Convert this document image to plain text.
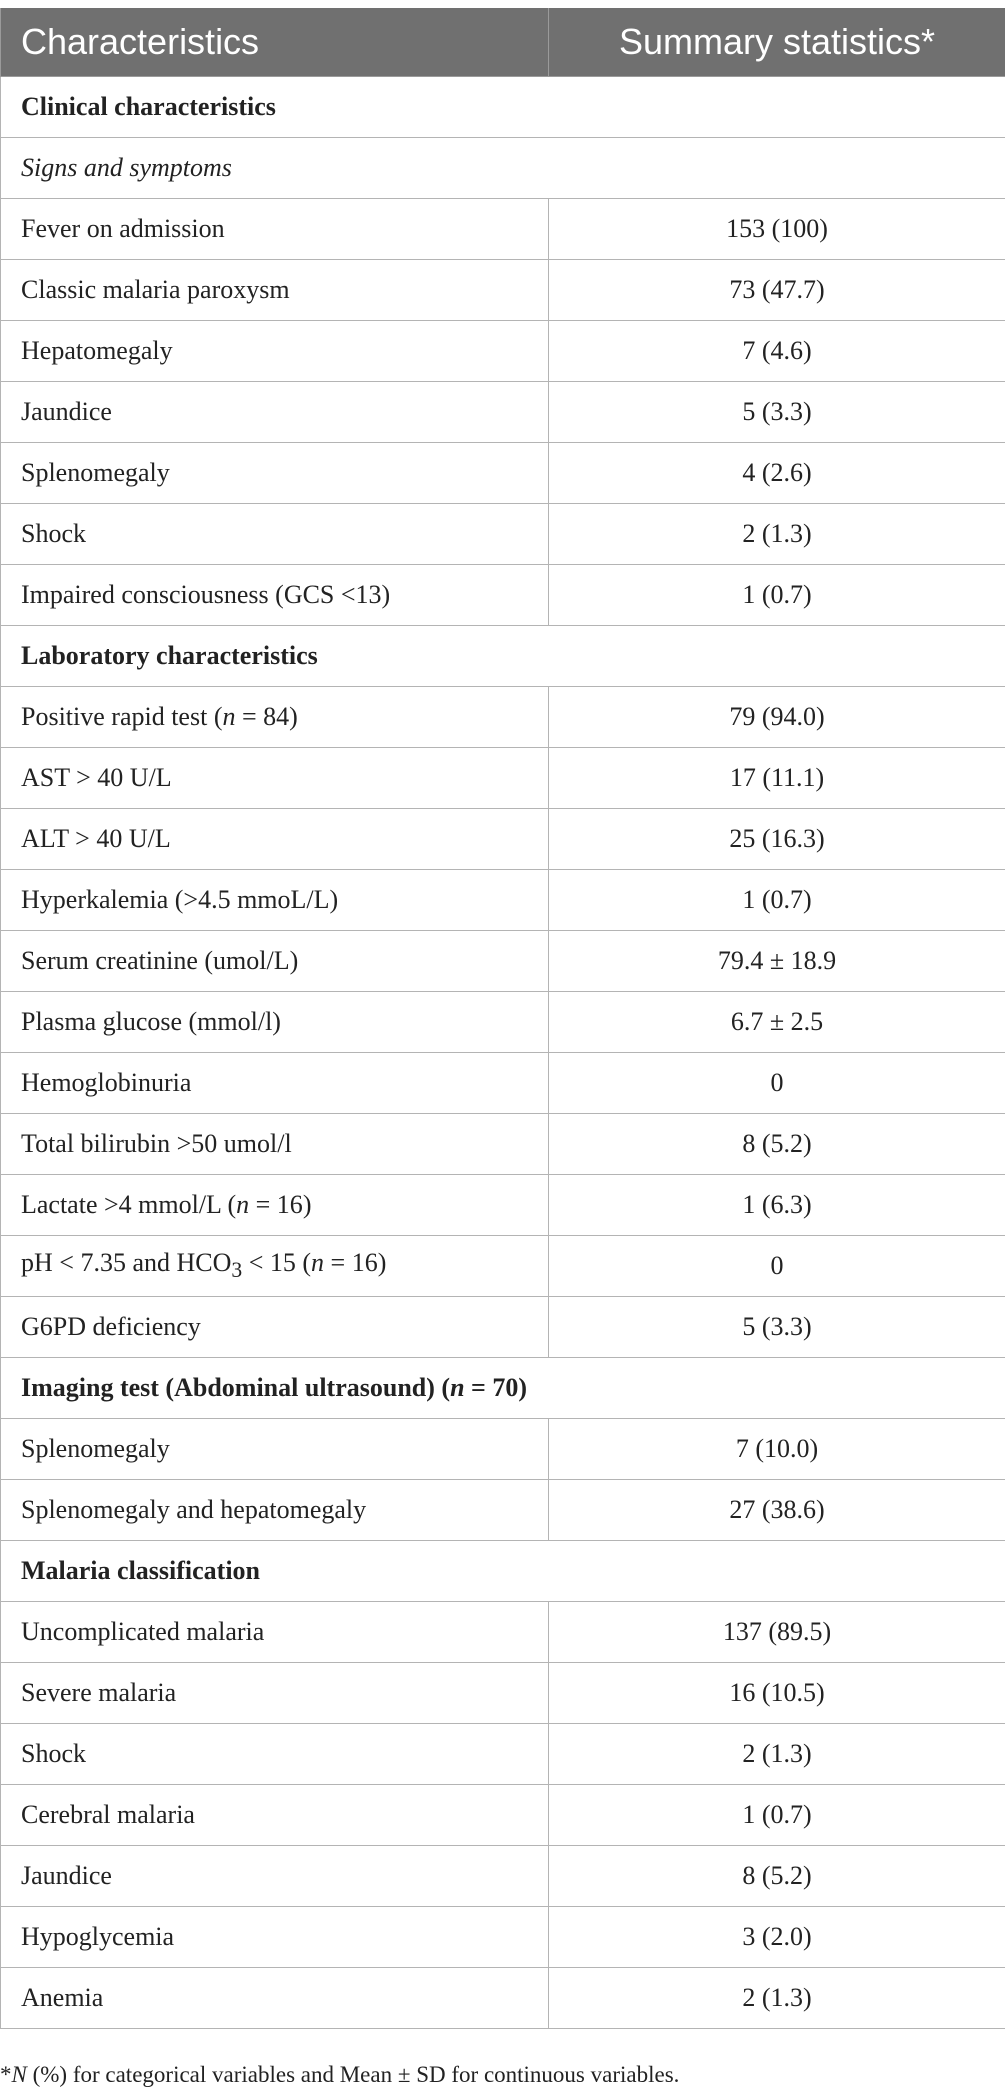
Characteristics	Summary statistics*
Clinical characteristics	
Signs and symptoms	
Fever on admission	153 (100)
Classic malaria paroxysm	73 (47.7)
Hepatomegaly	7 (4.6)
Jaundice	5 (3.3)
Splenomegaly	4 (2.6)
Shock	2 (1.3)
Impaired consciousness (GCS <13)	1 (0.7)
Laboratory characteristics	
Positive rapid test (n = 84)	79 (94.0)
AST > 40 U/L	17 (11.1)
ALT > 40 U/L	25 (16.3)
Hyperkalemia (>4.5 mmoL/L)	1 (0.7)
Serum creatinine (umol/L)	79.4 ± 18.9
Plasma glucose (mmol/l)	6.7 ± 2.5
Hemoglobinuria	0
Total bilirubin >50 umol/l	8 (5.2)
Lactate >4 mmol/L (n = 16)	1 (6.3)
pH < 7.35 and $HCO_3 < 15$ (n = 16)	0
G6PD deficiency	5 (3.3)
Imaging test (Abdominal ultrasound) (n = 70)	
Splenomegaly	7 (10.0)
Splenomegaly and hepatomegaly	27 (38.6)
Malaria classification	
Uncomplicated malaria	137 (89.5)
Severe malaria	16 (10.5)
Shock	2 (1.3)
Cerebral malaria	1 (0.7)
Jaundice	8 (5.2)
Hypoglycemia	3 (2.0)
Anemia	2 (1.3)
*N (%) for categorical variables and Mean ± SD for continuous variables.
